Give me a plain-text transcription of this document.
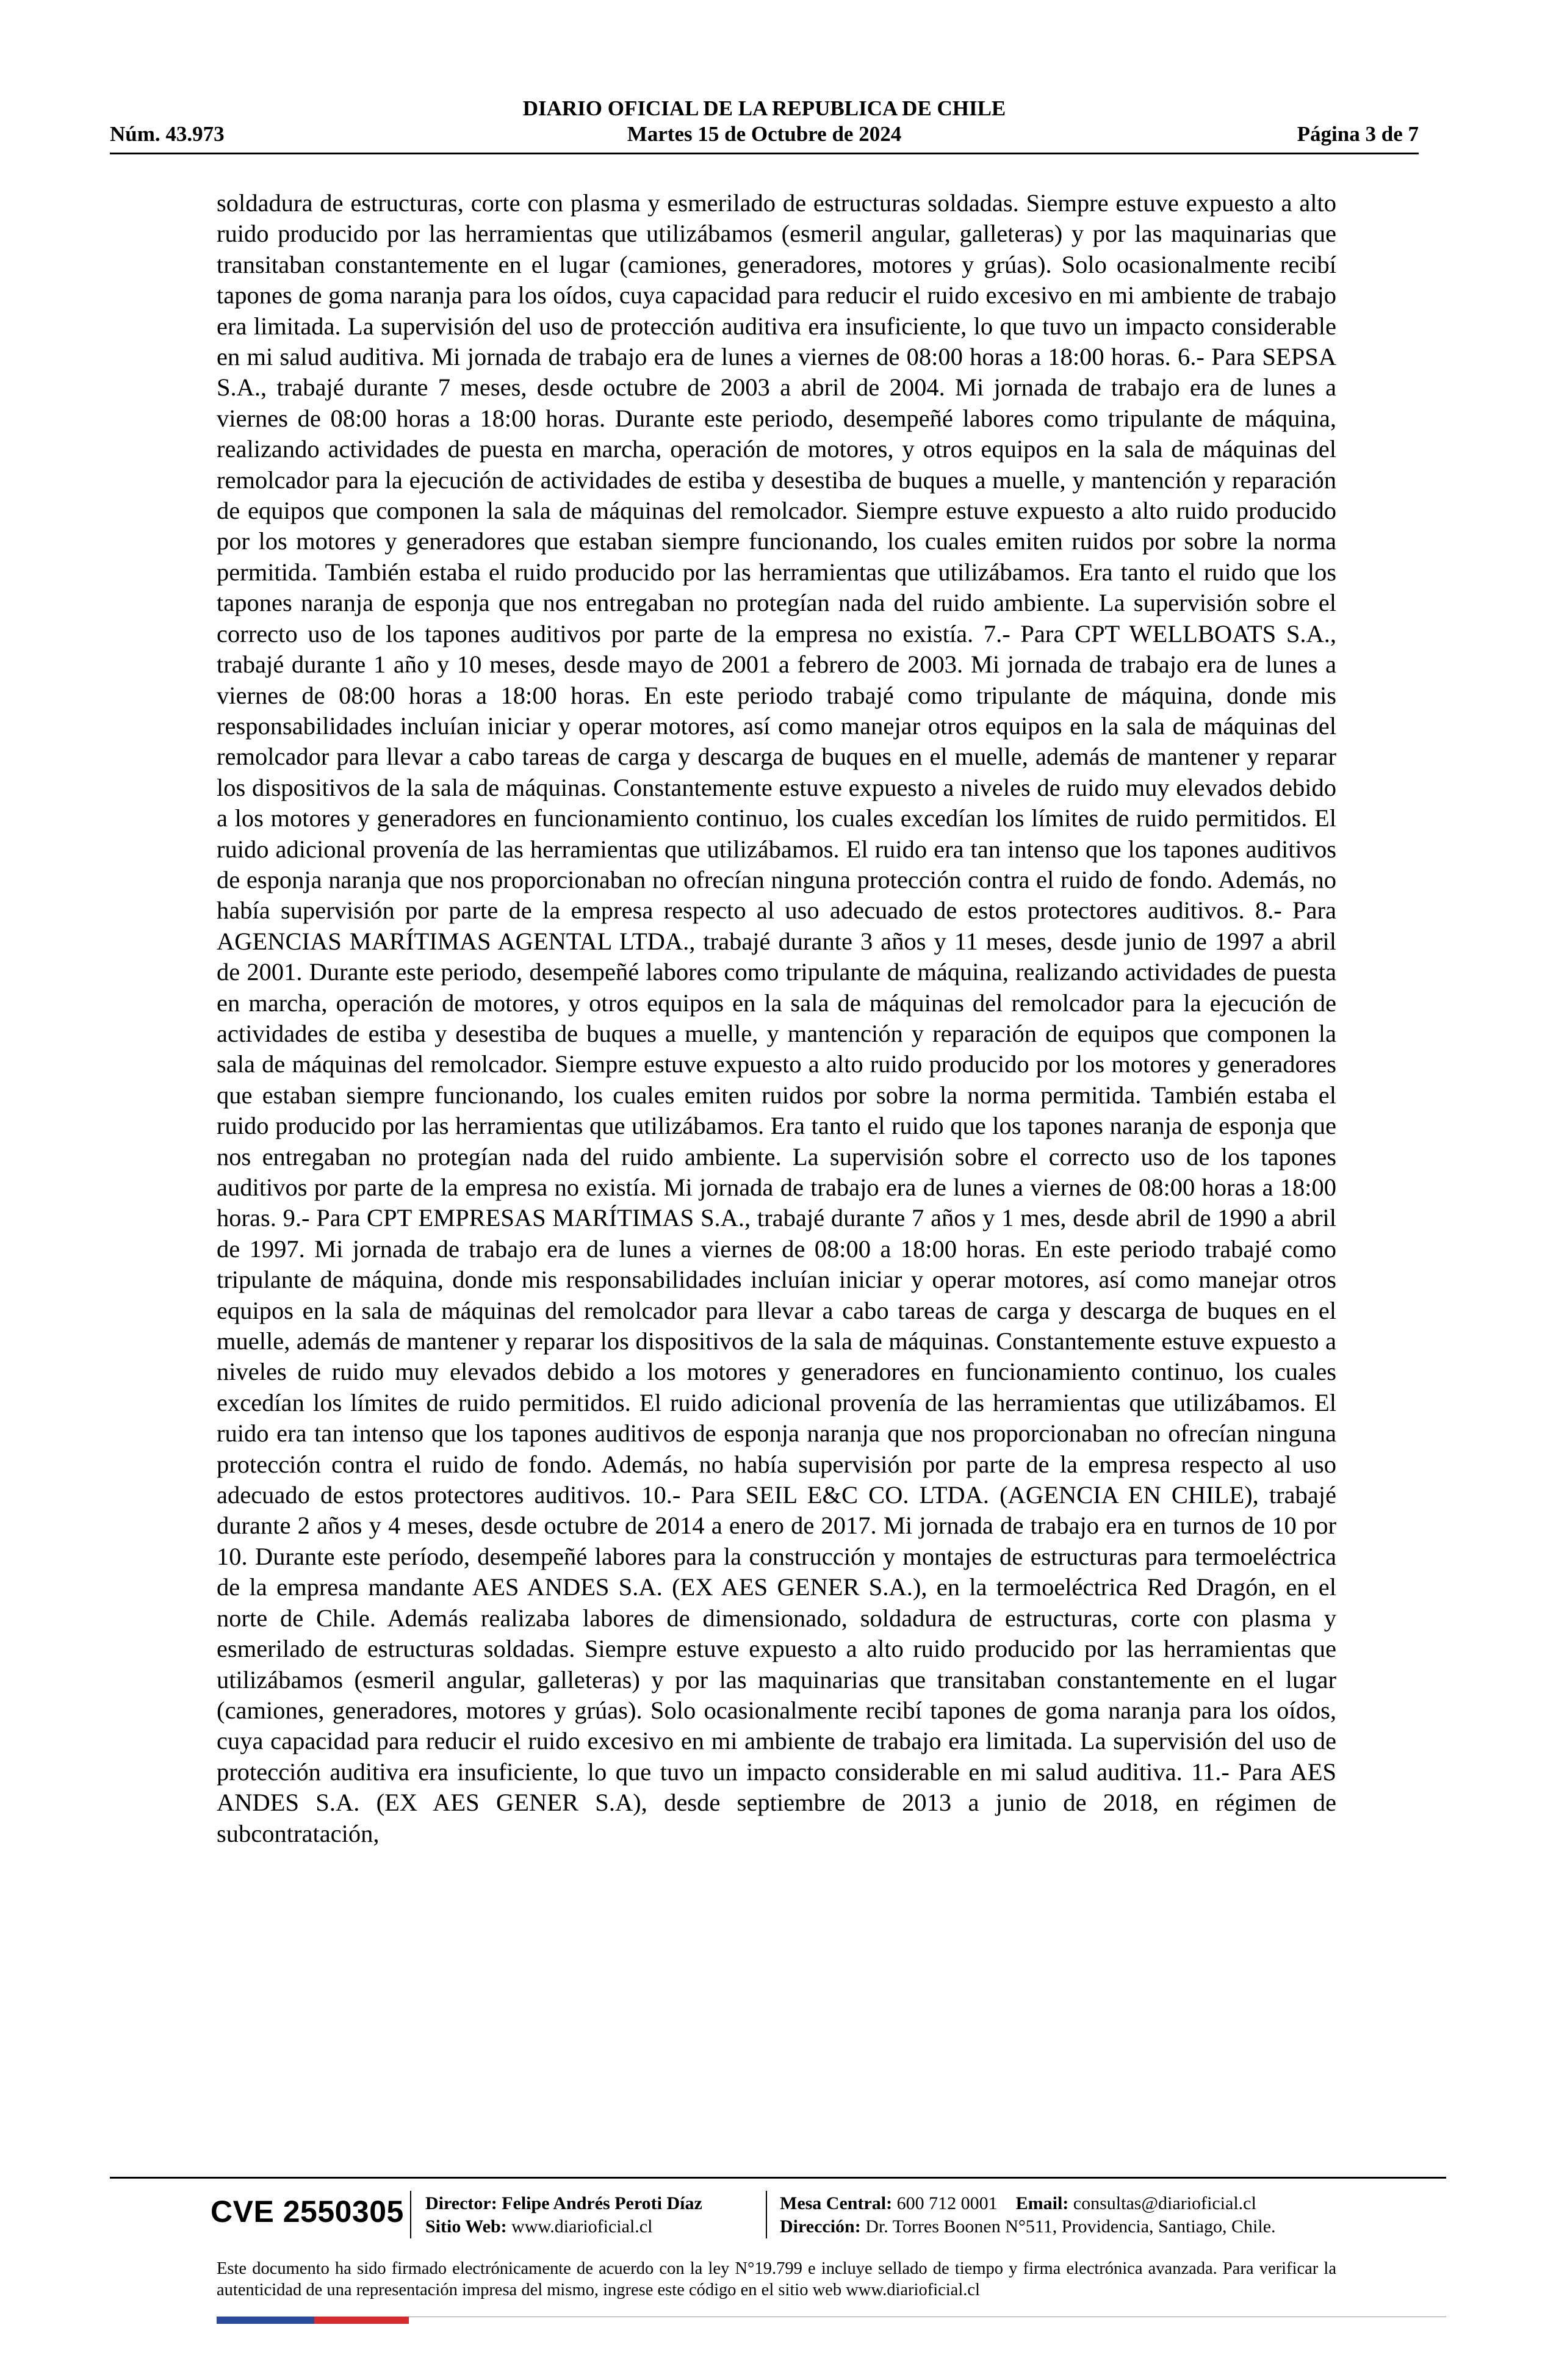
DIARIO OFICIAL DE LA REPUBLICA DE CHILE
Núm. 43.973	Martes 15 de Octubre de 2024	Página 3 de 7
soldadura de estructuras, corte con plasma y esmerilado de estructuras soldadas. Siempre estuve expuesto a alto ruido producido por las herramientas que utilizábamos (esmeril angular, galleteras) y por las maquinarias que transitaban constantemente en el lugar (camiones, generadores, motores y grúas). Solo ocasionalmente recibí tapones de goma naranja para los oídos, cuya capacidad para reducir el ruido excesivo en mi ambiente de trabajo era limitada. La supervisión del uso de protección auditiva era insuficiente, lo que tuvo un impacto considerable en mi salud auditiva. Mi jornada de trabajo era de lunes a viernes de 08:00 horas a 18:00 horas. 6.- Para SEPSA S.A., trabajé durante 7 meses, desde octubre de 2003 a abril de 2004. Mi jornada de trabajo era de lunes a viernes de 08:00 horas a 18:00 horas. Durante este periodo, desempeñé labores como tripulante de máquina, realizando actividades de puesta en marcha, operación de motores, y otros equipos en la sala de máquinas del remolcador para la ejecución de actividades de estiba y desestiba de buques a muelle, y mantención y reparación de equipos que componen la sala de máquinas del remolcador. Siempre estuve expuesto a alto ruido producido por los motores y generadores que estaban siempre funcionando, los cuales emiten ruidos por sobre la norma permitida. También estaba el ruido producido por las herramientas que utilizábamos. Era tanto el ruido que los tapones naranja de esponja que nos entregaban no protegían nada del ruido ambiente. La supervisión sobre el correcto uso de los tapones auditivos por parte de la empresa no existía. 7.- Para CPT WELLBOATS S.A., trabajé durante 1 año y 10 meses, desde mayo de 2001 a febrero de 2003. Mi jornada de trabajo era de lunes a viernes de 08:00 horas a 18:00 horas. En este periodo trabajé como tripulante de máquina, donde mis responsabilidades incluían iniciar y operar motores, así como manejar otros equipos en la sala de máquinas del remolcador para llevar a cabo tareas de carga y descarga de buques en el muelle, además de mantener y reparar los dispositivos de la sala de máquinas. Constantemente estuve expuesto a niveles de ruido muy elevados debido a los motores y generadores en funcionamiento continuo, los cuales excedían los límites de ruido permitidos. El ruido adicional provenía de las herramientas que utilizábamos. El ruido era tan intenso que los tapones auditivos de esponja naranja que nos proporcionaban no ofrecían ninguna protección contra el ruido de fondo. Además, no había supervisión por parte de la empresa respecto al uso adecuado de estos protectores auditivos. 8.- Para AGENCIAS MARÍTIMAS AGENTAL LTDA., trabajé durante 3 años y 11 meses, desde junio de 1997 a abril de 2001. Durante este periodo, desempeñé labores como tripulante de máquina, realizando actividades de puesta en marcha, operación de motores, y otros equipos en la sala de máquinas del remolcador para la ejecución de actividades de estiba y desestiba de buques a muelle, y mantención y reparación de equipos que componen la sala de máquinas del remolcador. Siempre estuve expuesto a alto ruido producido por los motores y generadores que estaban siempre funcionando, los cuales emiten ruidos por sobre la norma permitida. También estaba el ruido producido por las herramientas que utilizábamos. Era tanto el ruido que los tapones naranja de esponja que nos entregaban no protegían nada del ruido ambiente. La supervisión sobre el correcto uso de los tapones auditivos por parte de la empresa no existía. Mi jornada de trabajo era de lunes a viernes de 08:00 horas a 18:00 horas. 9.- Para CPT EMPRESAS MARÍTIMAS S.A., trabajé durante 7 años y 1 mes, desde abril de 1990 a abril de 1997. Mi jornada de trabajo era de lunes a viernes de 08:00 a 18:00 horas. En este periodo trabajé como tripulante de máquina, donde mis responsabilidades incluían iniciar y operar motores, así como manejar otros equipos en la sala de máquinas del remolcador para llevar a cabo tareas de carga y descarga de buques en el muelle, además de mantener y reparar los dispositivos de la sala de máquinas. Constantemente estuve expuesto a niveles de ruido muy elevados debido a los motores y generadores en funcionamiento continuo, los cuales excedían los límites de ruido permitidos. El ruido adicional provenía de las herramientas que utilizábamos. El ruido era tan intenso que los tapones auditivos de esponja naranja que nos proporcionaban no ofrecían ninguna protección contra el ruido de fondo. Además, no había supervisión por parte de la empresa respecto al uso adecuado de estos protectores auditivos. 10.- Para SEIL E&C CO. LTDA. (AGENCIA EN CHILE), trabajé durante 2 años y 4 meses, desde octubre de 2014 a enero de 2017. Mi jornada de trabajo era en turnos de 10 por 10. Durante este período, desempeñé labores para la construcción y montajes de estructuras para termoeléctrica de la empresa mandante AES ANDES S.A. (EX AES GENER S.A.), en la termoeléctrica Red Dragón, en el norte de Chile. Además realizaba labores de dimensionado, soldadura de estructuras, corte con plasma y esmerilado de estructuras soldadas. Siempre estuve expuesto a alto ruido producido por las herramientas que utilizábamos (esmeril angular, galleteras) y por las maquinarias que transitaban constantemente en el lugar (camiones, generadores, motores y grúas). Solo ocasionalmente recibí tapones de goma naranja para los oídos, cuya capacidad para reducir el ruido excesivo en mi ambiente de trabajo era limitada. La supervisión del uso de protección auditiva era insuficiente, lo que tuvo un impacto considerable en mi salud auditiva. 11.- Para AES ANDES S.A. (EX AES GENER S.A), desde septiembre de 2013 a junio de 2018, en régimen de subcontratación,
CVE 2550305 Director: Felipe Andrés Peroti Díaz
Sitio Web: www.diarioficial.cl
Mesa Central: 600 712 0001 Email: consultas@diarioficial.cl
Dirección: Dr. Torres Boonen N°511, Providencia, Santiago, Chile.
Este documento ha sido firmado electrónicamente de acuerdo con la ley N°19.799 e incluye sellado de tiempo y firma electrónica avanzada. Para verificar la autenticidad de una representación impresa del mismo, ingrese este código en el sitio web www.diarioficial.cl
